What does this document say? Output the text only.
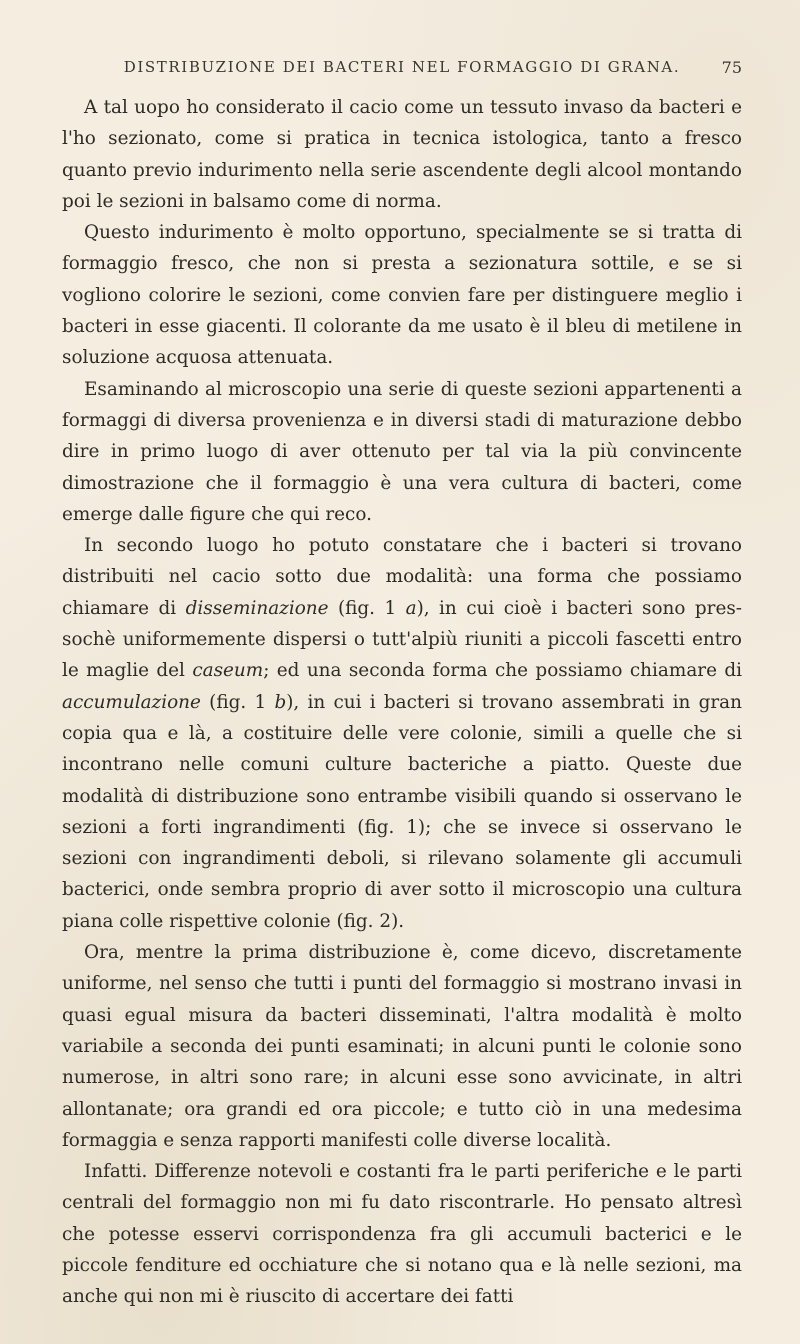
DISTRIBUZIONE DEI BACTERI NEL FORMAGGIO DI GRANA.	75

A tal uopo ho considerato il cacio come un tessuto invaso da bacteri e l'ho sezionato, come si pratica in tecnica istologica, tanto a fresco quanto previo indurimento nella serie ascendente degli alcool montando poi le sezioni in balsamo come di norma.

Questo indurimento è molto opportuno, specialmente se si tratta di formaggio fresco, che non si presta a sezionatura sottile, e se si vogliono colorire le sezioni, come convien fare per distinguere meglio i bacteri in esse giacenti. Il colorante da me usato è il bleu di metilene in soluzione acquosa attenuata.

Esaminando al microscopio una serie di queste sezioni appartenenti a formaggi di diversa provenienza e in diversi stadi di maturazione debbo dire in primo luogo di aver ottenuto per tal via la più convincente dimostrazione che il formaggio è una vera cultura di bacteri, come emerge dalle figure che qui reco.

In secondo luogo ho potuto constatare che i bacteri si trovano distribuiti nel cacio sotto due modalità: una forma che possiamo chiamare di disseminazione (fig. 1 a), in cui cioè i bacteri sono pressochè uniformemente dispersi o tutt'alpiù riuniti a piccoli fascetti entro le maglie del caseum; ed una seconda forma che possiamo chiamare di accumulazione (fig. 1 b), in cui i bacteri si trovano assembrati in gran copia qua e là, a costituire delle vere colonie, simili a quelle che si incontrano nelle comuni culture bacteriche a piatto. Queste due modalità di distribuzione sono entrambe visibili quando si osservano le sezioni a forti ingrandimenti (fig. 1); che se invece si osservano le sezioni con ingrandimenti deboli, si rilevano solamente gli accumuli bacterici, onde sembra proprio di aver sotto il microscopio una cultura piana colle rispettive colonie (fig. 2).

Ora, mentre la prima distribuzione è, come dicevo, discretamente uniforme, nel senso che tutti i punti del formaggio si mostrano invasi in quasi egual misura da bacteri disseminati, l'altra modalità è molto variabile a seconda dei punti esaminati; in alcuni punti le colonie sono numerose, in altri sono rare; in alcuni esse sono avvicinate, in altri allontanate; ora grandi ed ora piccole; e tutto ciò in una medesima formaggia e senza rapporti manifesti colle diverse località.

Infatti. Differenze notevoli e costanti fra le parti periferiche e le parti centrali del formaggio non mi fu dato riscontrarle. Ho pensato altresì che potesse esservi corrispondenza fra gli accumuli bacterici e le piccole fenditure ed occhiature che si notano qua e là nelle sezioni, ma anche qui non mi è riuscito di accertare dei fatti
